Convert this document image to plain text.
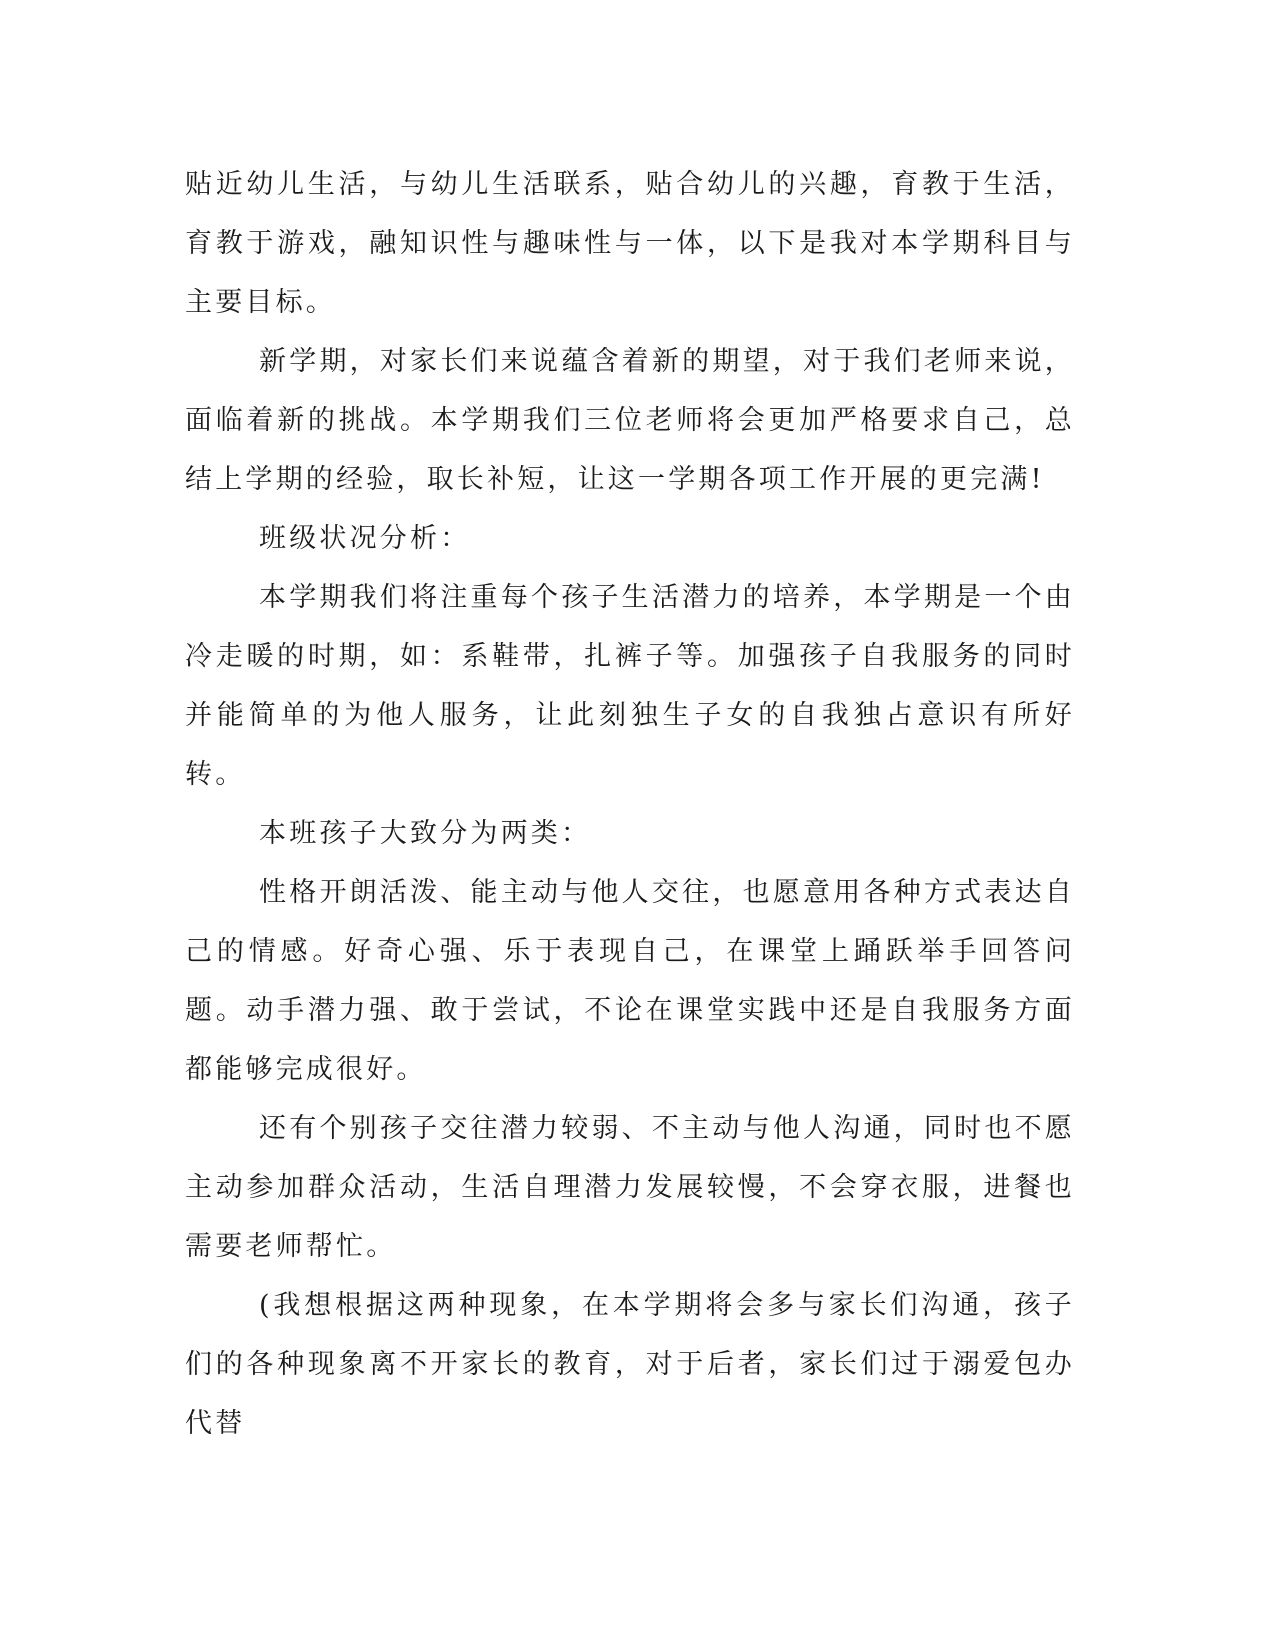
贴近幼儿生活，与幼儿生活联系，贴合幼儿的兴趣，育教于生活，育教于游戏，融知识性与趣味性与一体，以下是我对本学期科目与主要目标。

新学期，对家长们来说蕴含着新的期望，对于我们老师来说，面临着新的挑战。本学期我们三位老师将会更加严格要求自己，总结上学期的经验，取长补短，让这一学期各项工作开展的更完满!

班级状况分析：

本学期我们将注重每个孩子生活潜力的培养，本学期是一个由冷走暖的时期，如：系鞋带，扎裤子等。加强孩子自我服务的同时并能简单的为他人服务，让此刻独生子女的自我独占意识有所好转。

本班孩子大致分为两类：

性格开朗活泼、能主动与他人交往，也愿意用各种方式表达自己的情感。好奇心强、乐于表现自己，在课堂上踊跃举手回答问题。动手潜力强、敢于尝试，不论在课堂实践中还是自我服务方面都能够完成很好。

还有个别孩子交往潜力较弱、不主动与他人沟通，同时也不愿主动参加群众活动，生活自理潜力发展较慢，不会穿衣服，进餐也需要老师帮忙。

(我想根据这两种现象，在本学期将会多与家长们沟通，孩子们的各种现象离不开家长的教育，对于后者，家长们过于溺爱包办代替
